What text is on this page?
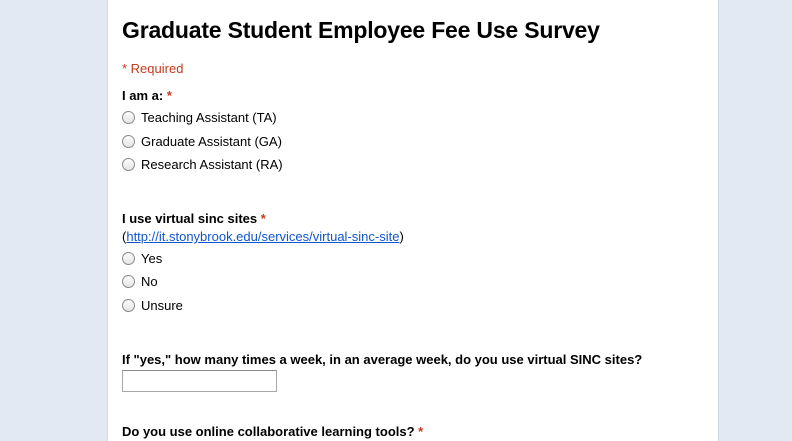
Graduate Student Employee Fee Use Survey
* Required
I am a: *
Teaching Assistant (TA)
Graduate Assistant (GA)
Research Assistant (RA)
I use virtual sinc sites *
(http://it.stonybrook.edu/services/virtual-sinc-site)
Yes
No
Unsure
If "yes," how many times a week, in an average week, do you use virtual SINC sites?
Do you use online collaborative learning tools? *
